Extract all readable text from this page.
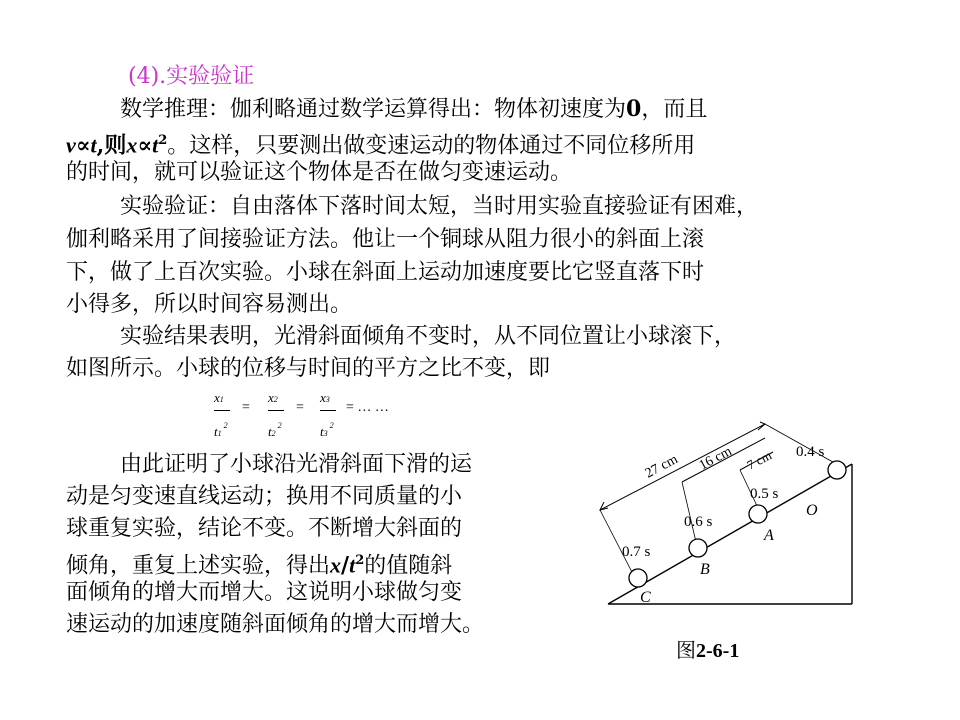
(4).实验验证
数学推理：伽利略通过数学运算得出：物体初速度为0，而且
v∝t,则$x\propto t^2$。这样，只要测出做变速运动的物体通过不同位移所用
的时间，就可以验证这个物体是否在做匀变速运动。
实验验证：自由落体下落时间太短，当时用实验直接验证有困难，
伽利略采用了间接验证方法。他让一个铜球从阻力很小的斜面上滚
下，做了上百次实验。小球在斜面上运动加速度要比它竖直落下时
小得多，所以时间容易测出。
实验结果表明，光滑斜面倾角不变时，从不同位置让小球滚下，
如图所示。小球的位移与时间的平方之比不变，即
x1
$t1^2$
=
x2
$t2^2$
=
x3
$t3^2$
= … …
由此证明了小球沿光滑斜面下滑的运
动是匀变速直线运动；换用不同质量的小
球重复实验，结论不变。不断增大斜面的
倾角，重复上述实验，得出$x/t^2$的值随斜
面倾角的增大而增大。这说明小球做匀变
速运动的加速度随斜面倾角的增大而增大。
27 cm 16 cm 7 cm 0.4 s
0.5 s
0.6 s
0.7 s
O
A
B
C
图2-6-1
